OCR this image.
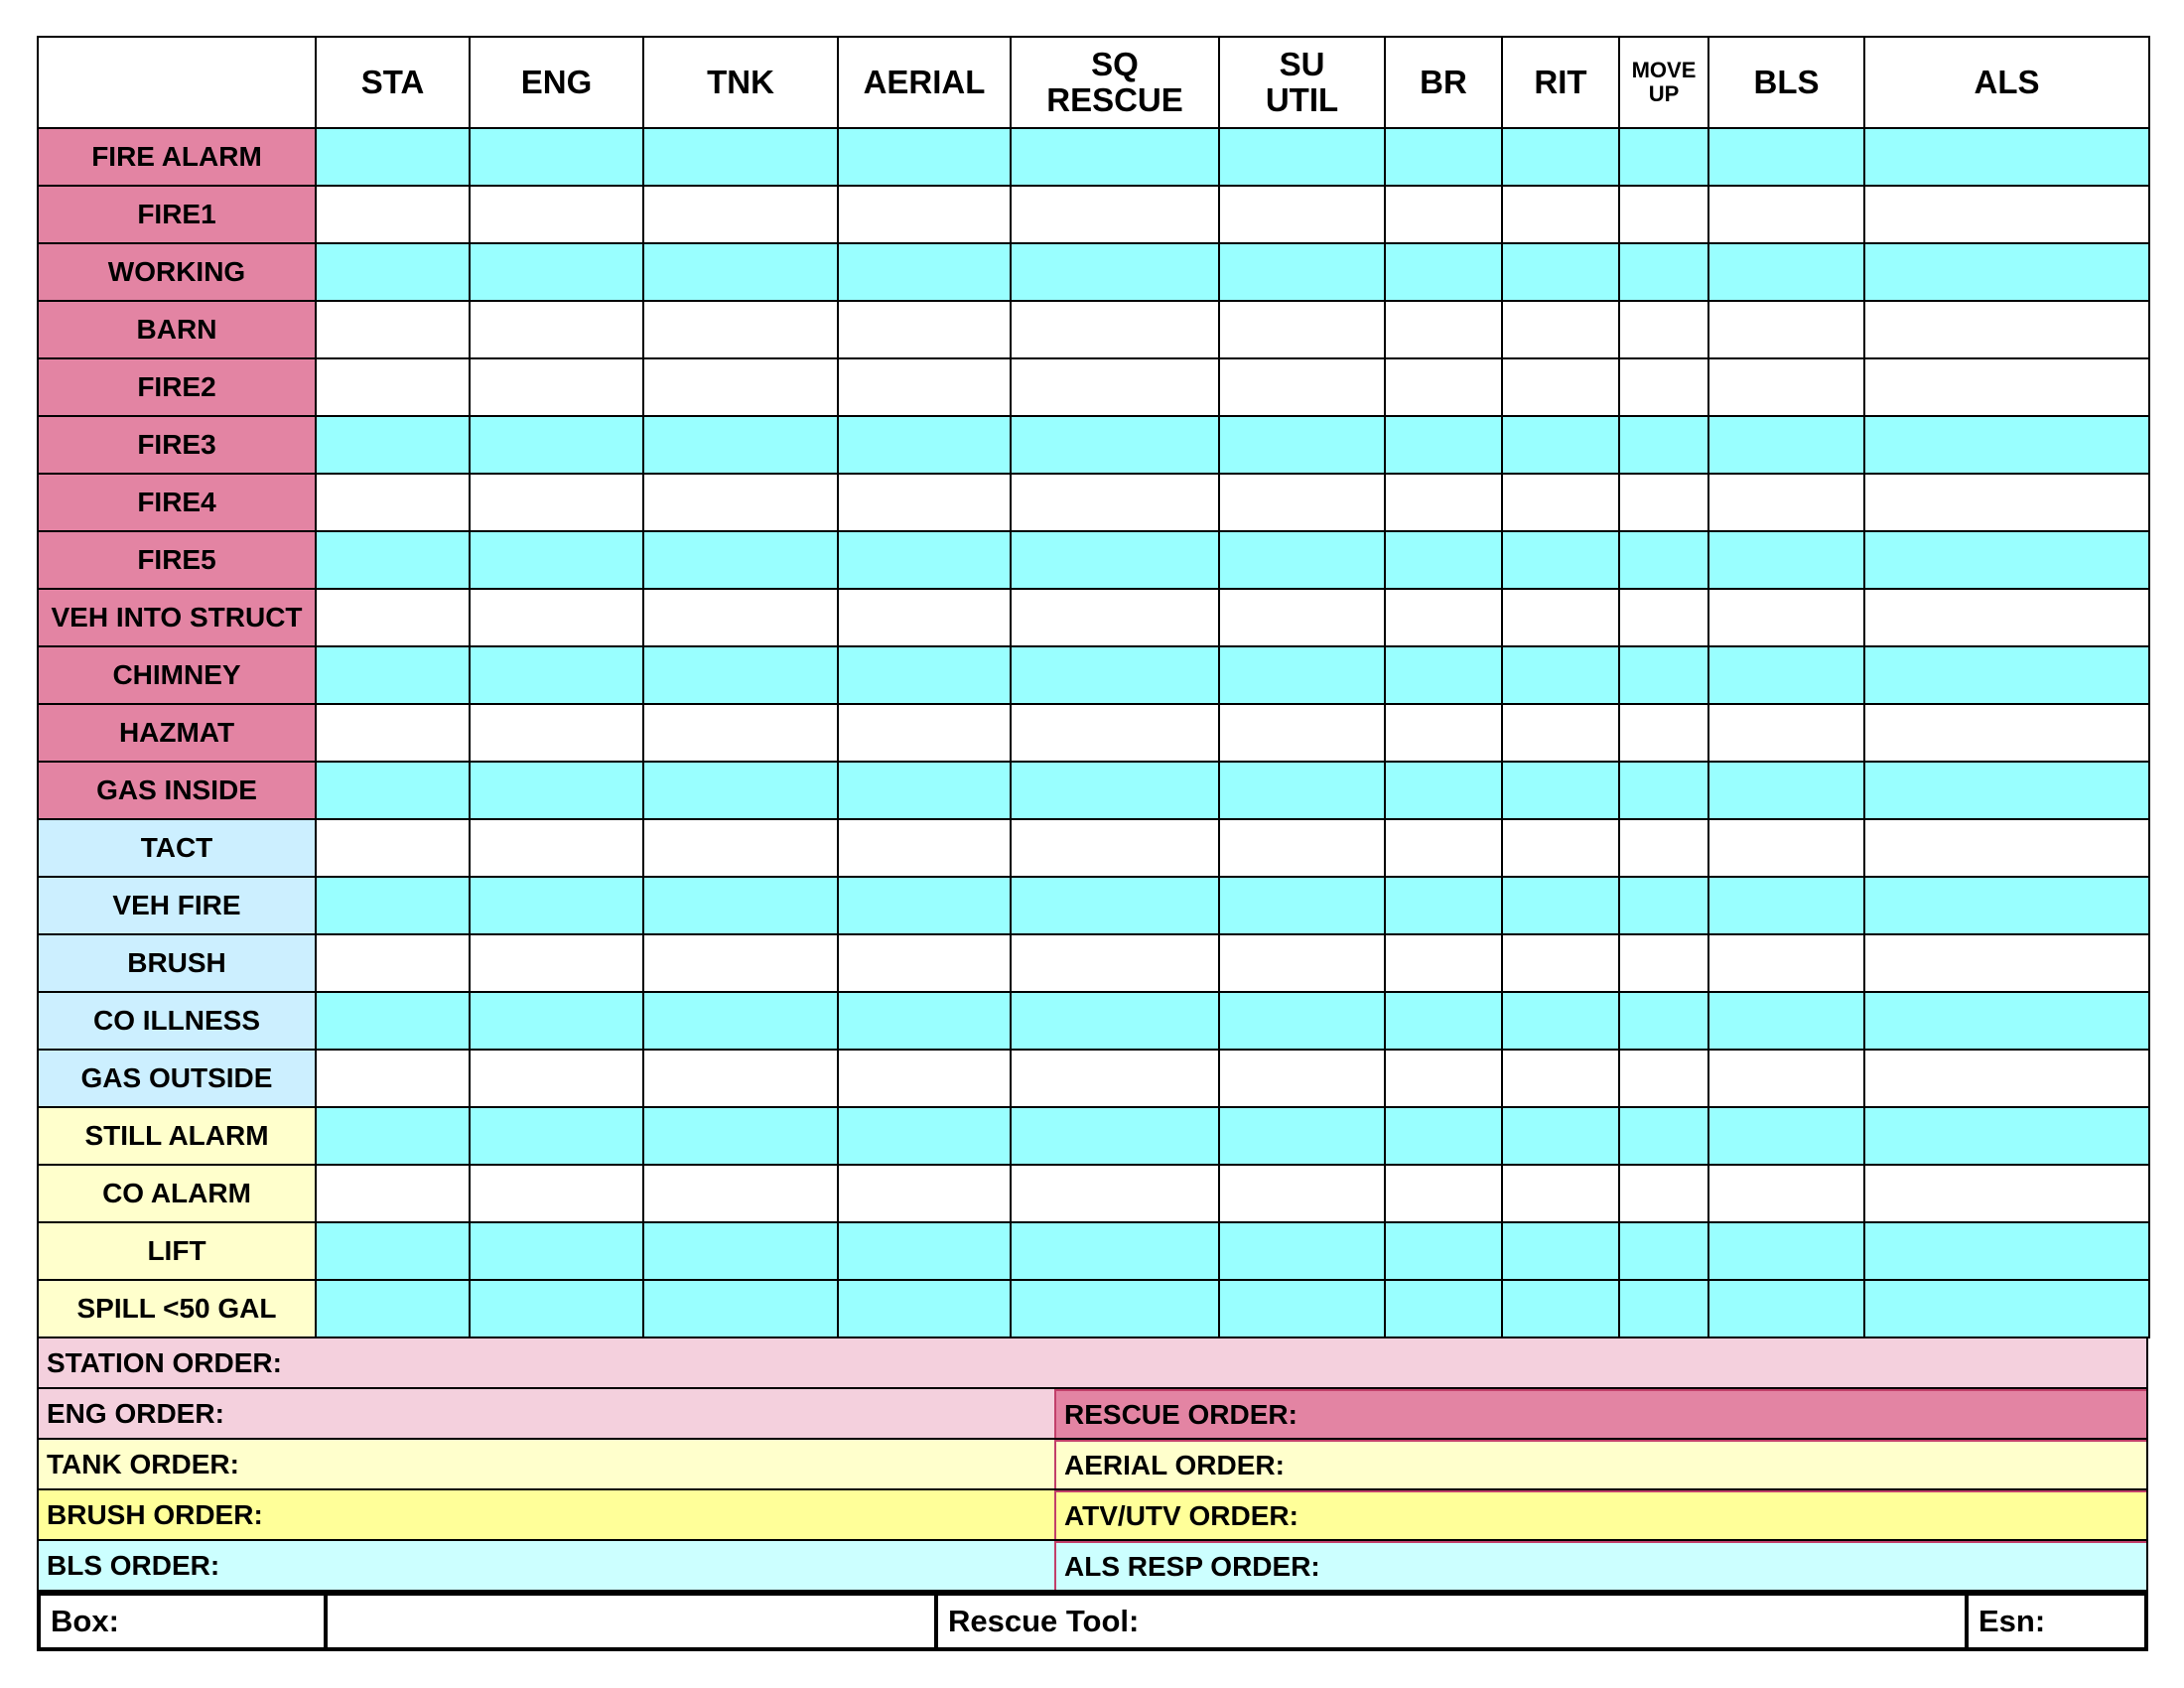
	STA	ENG	TNK	AERIAL	SQ
RESCUE	SU
UTIL	BR	RIT	MOVE
UP	BLS	ALS
FIRE ALARM											
FIRE1											
WORKING											
BARN											
FIRE2											
FIRE3											
FIRE4											
FIRE5											
VEH INTO STRUCT											
CHIMNEY											
HAZMAT											
GAS INSIDE											
TACT											
VEH FIRE											
BRUSH											
CO ILLNESS											
GAS OUTSIDE											
STILL ALARM											
CO ALARM											
LIFT											
SPILL <50 GAL											
STATION ORDER:
ENG ORDER:	RESCUE ORDER:
TANK ORDER:	AERIAL ORDER:
BRUSH ORDER:	ATV/UTV ORDER:
BLS ORDER:	ALS RESP ORDER:
Box:	Rescue Tool:	Esn:
